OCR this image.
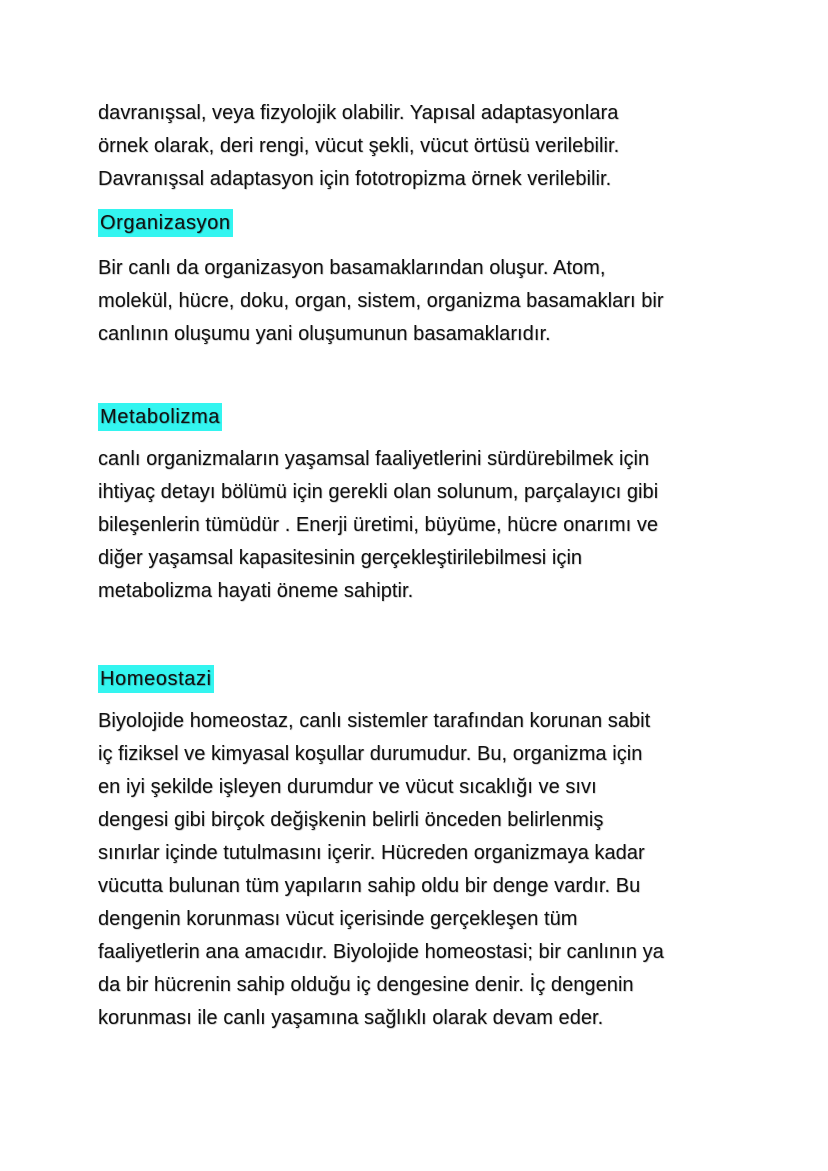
davranışsal, veya fizyolojik olabilir. Yapısal adaptasyonlara
örnek olarak, deri rengi, vücut şekli, vücut örtüsü verilebilir.
Davranışsal adaptasyon için fototropizma örnek verilebilir.
Organizasyon
Bir canlı da organizasyon basamaklarından oluşur. Atom,
molekül, hücre, doku, organ, sistem, organizma basamakları bir
canlının oluşumu yani oluşumunun basamaklarıdır.
Metabolizma
canlı organizmaların yaşamsal faaliyetlerini sürdürebilmek için
ihtiyaç detayı bölümü için gerekli olan solunum, parçalayıcı gibi
bileşenlerin tümüdür . Enerji üretimi, büyüme, hücre onarımı ve
diğer yaşamsal kapasitesinin gerçekleştirilebilmesi için
metabolizma hayati öneme sahiptir.
Homeostazi
Biyolojide homeostaz, canlı sistemler tarafından korunan sabit
iç fiziksel ve kimyasal koşullar durumudur. Bu, organizma için
en iyi şekilde işleyen durumdur ve vücut sıcaklığı ve sıvı
dengesi gibi birçok değişkenin belirli önceden belirlenmiş
sınırlar içinde tutulmasını içerir. Hücreden organizmaya kadar
vücutta bulunan tüm yapıların sahip oldu bir denge vardır. Bu
dengenin korunması vücut içerisinde gerçekleşen tüm
faaliyetlerin ana amacıdır. Biyolojide homeostasi; bir canlının ya
da bir hücrenin sahip olduğu iç dengesine denir. İç dengenin
korunması ile canlı yaşamına sağlıklı olarak devam eder.
